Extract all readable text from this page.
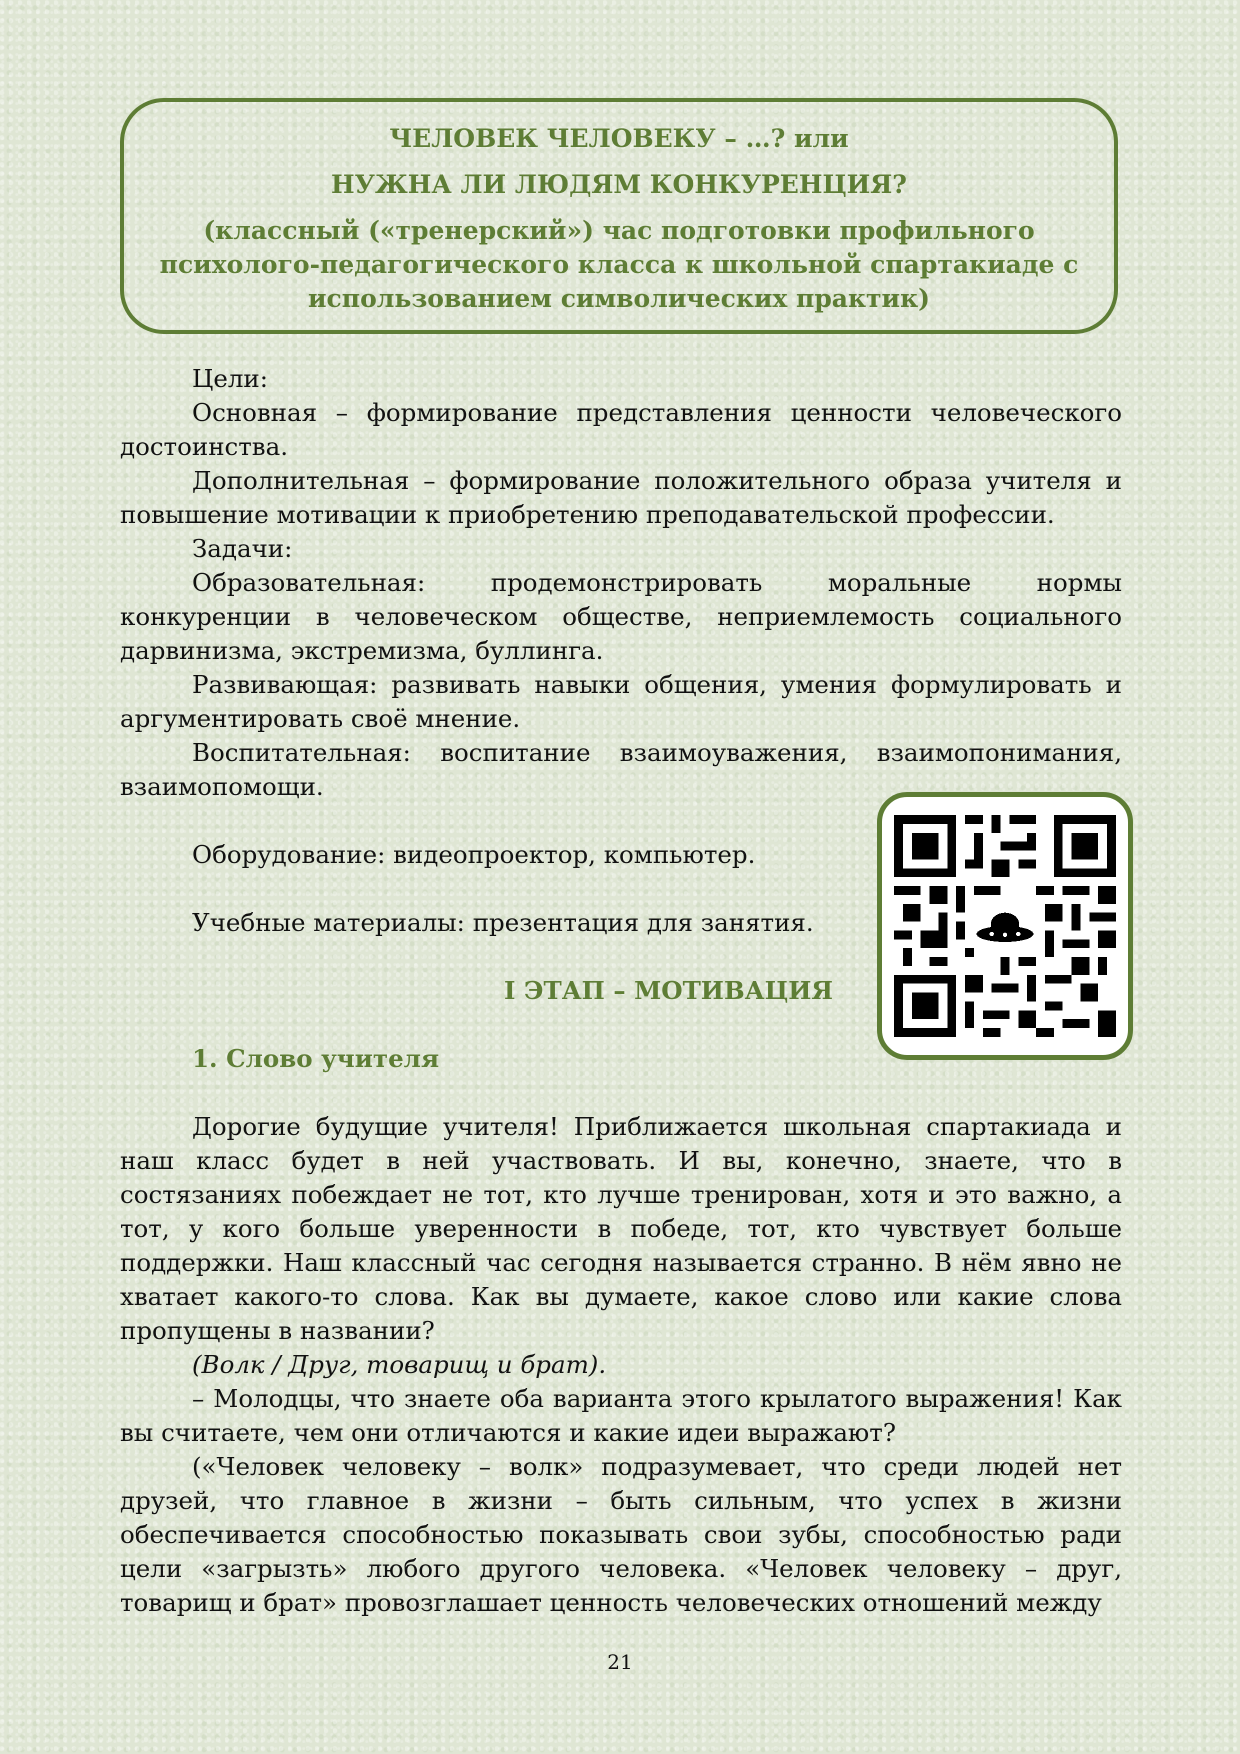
ЧЕЛОВЕК ЧЕЛОВЕКУ – …? или
НУЖНА ЛИ ЛЮДЯМ КОНКУРЕНЦИЯ?
(классный («тренерский») час подготовки профильного психолого-педагогического класса к школьной спартакиаде с использованием символических практик)

Цели:

Основная – формирование представления ценности человеческого достоинства.

Дополнительная – формирование положительного образа учителя и повышение мотивации к приобретению преподавательской профессии.

Задачи:

Образовательная: продемонстрировать моральные нормы конкуренции в человеческом обществе, неприемлемость социального дарвинизма, экстремизма, буллинга.

Развивающая: развивать навыки общения, умения формулировать и аргументировать своё мнение.

Воспитательная: воспитание взаимоуважения, взаимопонимания, взаимопомощи.

Оборудование: видеопроектор, компьютер.

Учебные материалы: презентация для занятия.

I ЭТАП – МОТИВАЦИЯ

1. Слово учителя

Дорогие будущие учителя! Приближается школьная спартакиада и наш класс будет в ней участвовать. И вы, конечно, знаете, что в состязаниях побеждает не тот, кто лучше тренирован, хотя и это важно, а тот, у кого больше уверенности в победе, тот, кто чувствует больше поддержки. Наш классный час сегодня называется странно. В нём явно не хватает какого-то слова. Как вы думаете, какое слово или какие слова пропущены в названии?

(Волк / Друг, товарищ и брат).

– Молодцы, что знаете оба варианта этого крылатого выражения! Как вы считаете, чем они отличаются и какие идеи выражают?

(«Человек человеку – волк» подразумевает, что среди людей нет друзей, что главное в жизни – быть сильным, что успех в жизни обеспечивается способностью показывать свои зубы, способностью ради цели «загрызть» любого другого человека. «Человек человеку – друг, товарищ и брат» провозглашает ценность человеческих отношений между

21
